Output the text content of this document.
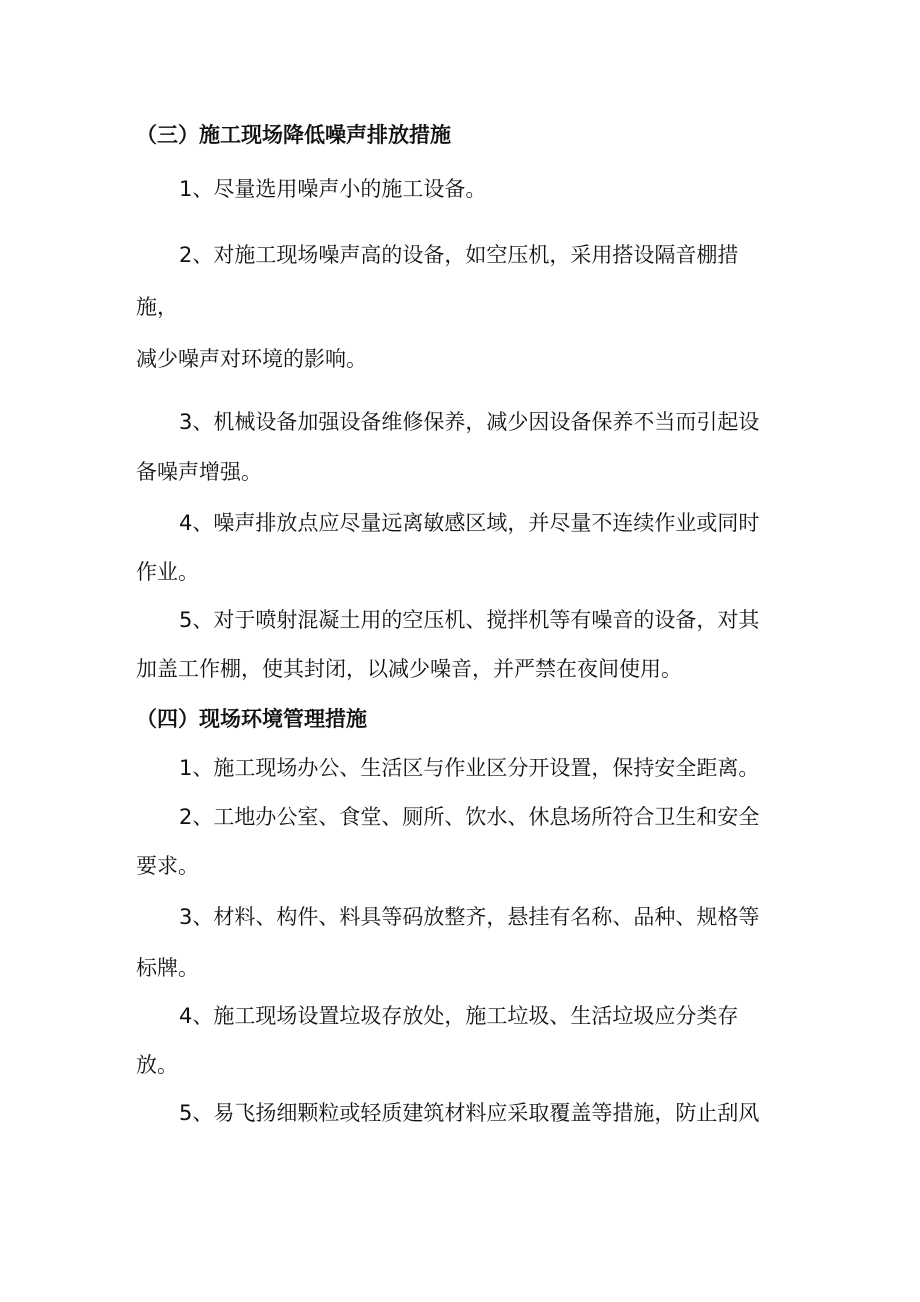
（三）施工现场降低噪声排放措施

1、尽量选用噪声小的施工设备。

2、对施工现场噪声高的设备，如空压机，采用搭设隔音棚措

施，

减少噪声对环境的影响。

3、机械设备加强设备维修保养，减少因设备保养不当而引起设

备噪声增强。

4、噪声排放点应尽量远离敏感区域，并尽量不连续作业或同时

作业。

5、对于喷射混凝土用的空压机、搅拌机等有噪音的设备，对其

加盖工作棚，使其封闭，以减少噪音，并严禁在夜间使用。

（四）现场环境管理措施

1、施工现场办公、生活区与作业区分开设置，保持安全距离。

2、工地办公室、食堂、厕所、饮水、休息场所符合卫生和安全

要求。

3、材料、构件、料具等码放整齐，悬挂有名称、品种、规格等

标牌。

4、施工现场设置垃圾存放处，施工垃圾、生活垃圾应分类存

放。

5、易飞扬细颗粒或轻质建筑材料应采取覆盖等措施，防止刮风
